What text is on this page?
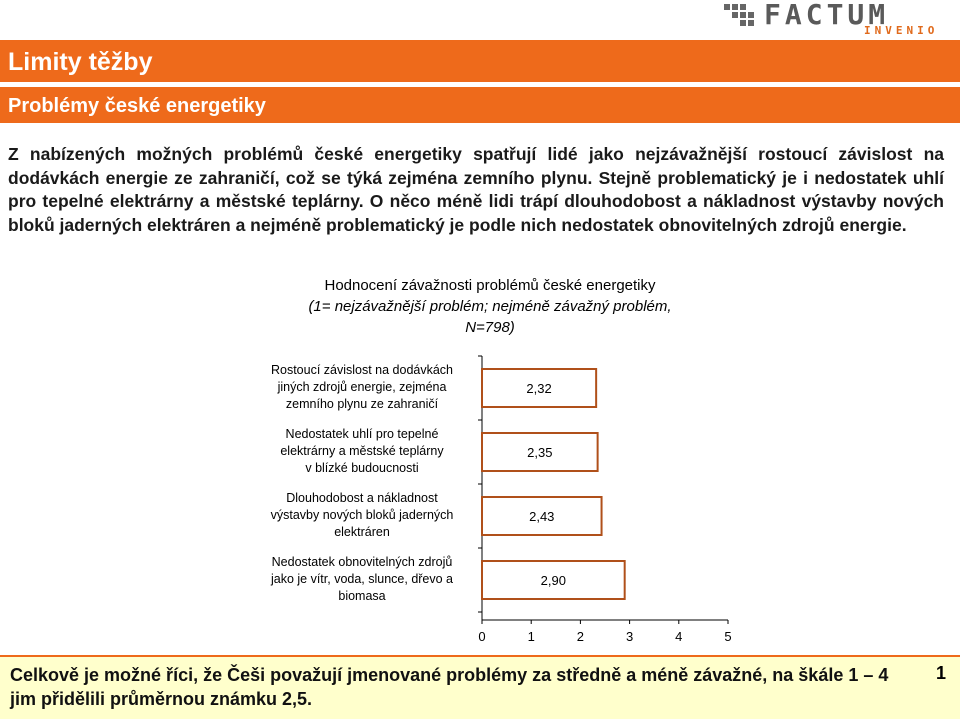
FACTUM
INVENIO
Limity těžby
Problémy české energetiky
Z nabízených možných problémů české energetiky spatřují lidé jako nejzávažnější rostoucí závislost na dodávkách energie ze zahraničí, což se týká zejména zemního plynu. Stejně problematický je i nedostatek uhlí pro tepelné elektrárny a městské teplárny. O něco méně lidi trápí dlouhodobost a nákladnost výstavby nových bloků jaderných elektráren a nejméně problematický je podle nich nedostatek obnovitelných zdrojů energie.
Hodnocení závažnosti problémů české energetiky
(1= nejzávažnější problém; nejméně závažný problém, N=798)
0	1	2	3	4	5
2,32
Rostoucí závislost na dodávkách jiných zdrojů energie, zejména zemního plynu ze zahraničí
2,35
Nedostatek uhlí pro tepelné elektrárny a městské teplárny v blízké budoucnosti
2,43
Dlouhodobost a nákladnost výstavby nových bloků jaderných elektráren
2,90
Nedostatek obnovitelných zdrojů jako je vítr, voda, slunce, dřevo a biomasa

Celkově je možné říci, že Češi považují jmenované problémy za středně a méně závažné, na škále 1 – 4 jim přidělili průměrnou známku 2,5.

1
